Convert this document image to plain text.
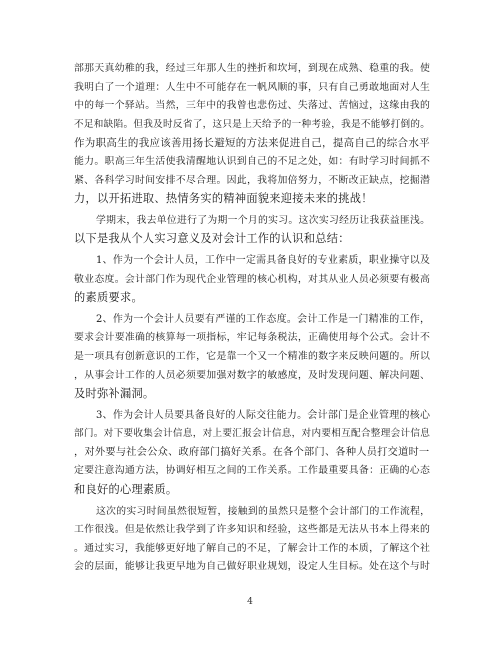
部那天真幼稚的我，经过三年那人生的挫折和坎坷，到现在成熟、稳重的我。使
我明白了一个道理：人生中不可能存在一帆风顺的事，只有自己勇敢地面对人生
中的每一个驿站。当然，三年中的我曾也悲伤过、失落过、苦恼过，这缘由我的
不足和缺陷。但我及时反省了，这只是上天给予的一种考验，我是不能够打倒的。
作为职高生的我应该善用扬长避短的方法来促进自己，提高自己的综合水平
能力。职高三年生活使我清醒地认识到自己的不足之处，如：有时学习时间抓不
紧、各科学习时间安排不尽合理。因此，我将加倍努力，不断改正缺点，挖掘潜
力，以开拓进取、热情务实的精神面貌来迎接未来的挑战！
学期末，我去单位进行了为期一个月的实习。这次实习经历让我获益匪浅。
以下是我从个人实习意义及对会计工作的认识和总结：
1、作为一个会计人员，工作中一定需具备良好的专业素质，职业操守以及
敬业态度。会计部门作为现代企业管理的核心机构，对其从业人员必须要有极高
的素质要求。
2、作为一个会计人员要有严谨的工作态度。会计工作是一门精准的工作，
要求会计要准确的核算每一项指标，牢记每条税法，正确使用每个公式。会计不
是一项具有创新意识的工作，它是靠一个又一个精准的数字来反映问题的。所以
，从事会计工作的人员必须要加强对数字的敏感度，及时发现问题、解决问题、
及时弥补漏洞。
3、作为会计人员要具备良好的人际交往能力。会计部门是企业管理的核心
部门。对下要收集会计信息，对上要汇报会计信息，对内要相互配合整理会计信息
，对外要与社会公众、政府部门搞好关系。在各个部门、各种人员打交道时一
定要注意沟通方法，协调好相互之间的工作关系。工作最重要具备：正确的心态
和良好的心理素质。
这次的实习时间虽然很短暂，接触到的虽然只是整个会计部门的工作流程，
工作很浅。但是依然让我学到了许多知识和经验，这些都是无法从书本上得来的
。通过实习，我能够更好地了解自己的不足，了解会计工作的本质，了解这个社
会的层面，能够让我更早地为自己做好职业规划，设定人生目标。处在这个与时
4
